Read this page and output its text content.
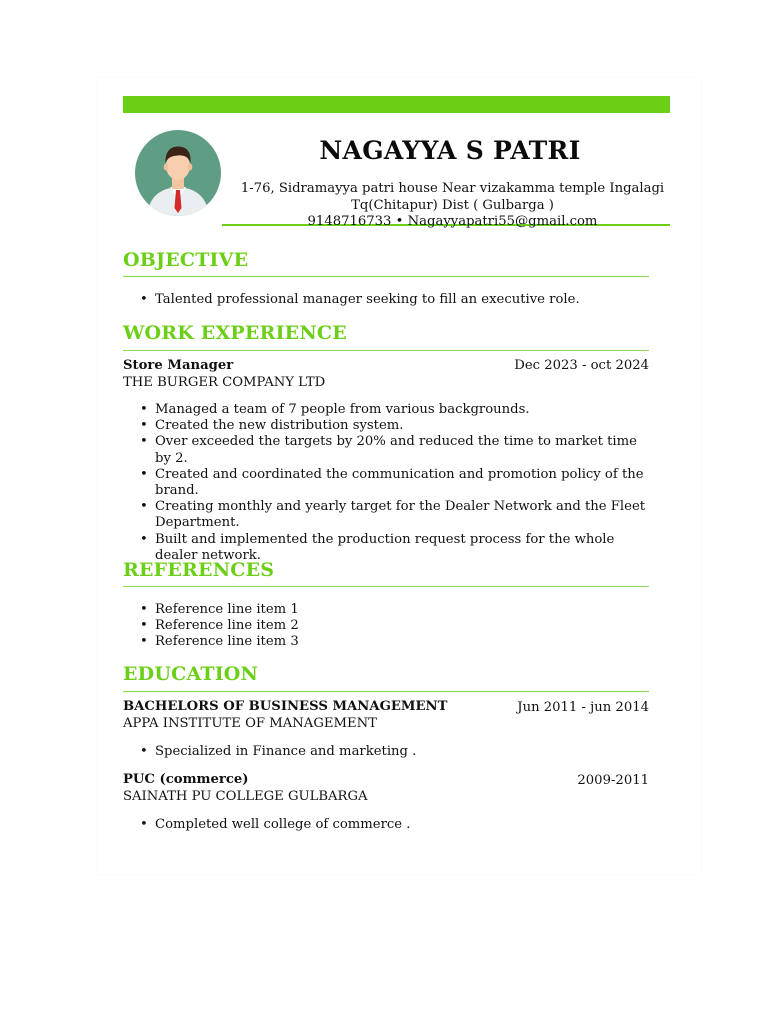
NAGAYYA S PATRI
1-76, Sidramayya patri house Near vizakamma temple Ingalagi
Tq(Chitapur) Dist ( Gulbarga )
9148716733 • Nagayyapatri55@gmail.com
OBJECTIVE
• Talented professional manager seeking to fill an executive role.
WORK EXPERIENCE
Store Manager	Dec 2023 - oct 2024
THE BURGER COMPANY LTD
• Managed a team of 7 people from various backgrounds.
• Created the new distribution system.
• Over exceeded the targets by 20% and reduced the time to market time by 2.
• Created and coordinated the communication and promotion policy of the brand.
• Creating monthly and yearly target for the Dealer Network and the Fleet Department.
• Built and implemented the production request process for the whole dealer network.
REFERENCES
• Reference line item 1
• Reference line item 2
• Reference line item 3
EDUCATION
BACHELORS OF BUSINESS MANAGEMENT	Jun 2011 - jun 2014
APPA INSTITUTE OF MANAGEMENT
• Specialized in Finance and marketing .
PUC (commerce)	2009-2011
SAINATH PU COLLEGE GULBARGA
• Completed well college of commerce .
